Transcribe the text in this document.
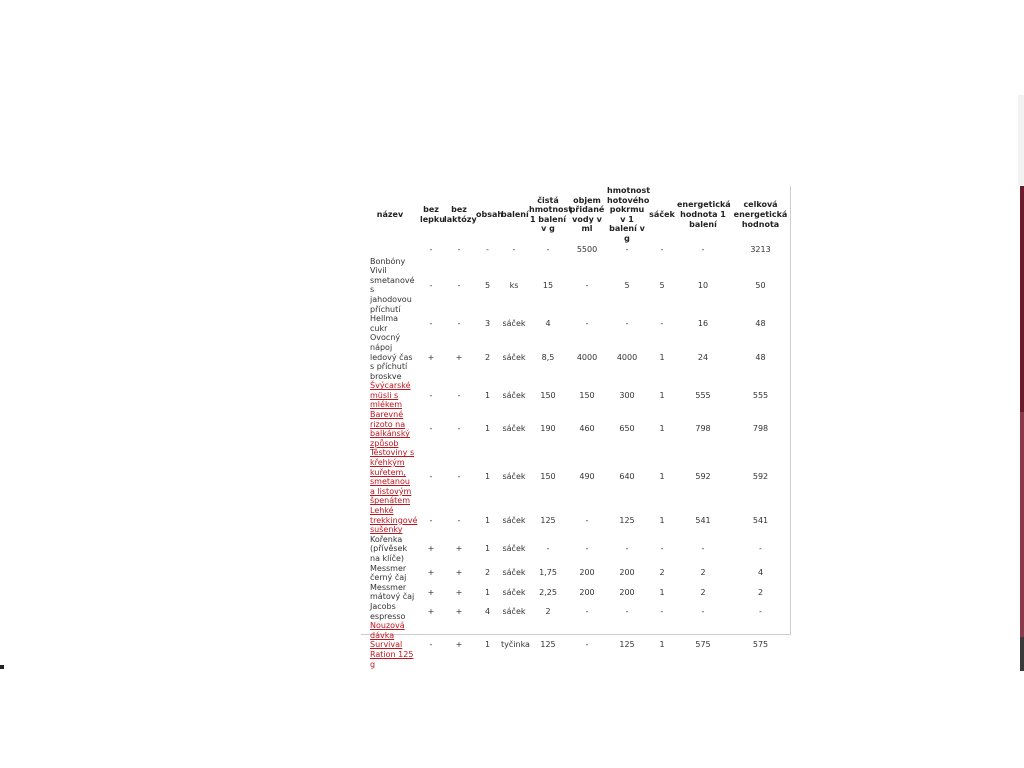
název	bez lepku	bez laktózy	obsah	balení	čistá hmotnost 1 balení v g	objem přidané vody v ml	hmotnost hotového pokrmu v 1 balení v g	sáček	energetická hodnota 1 balení	celková energetická hodnota
	-	-	-	-	-	5500	-	-	-	3213
Bonbóny Vivil smetanové s jahodovou příchutí	-	-	5	ks	15	-	5	5	10	50
Hellma cukr	-	-	3	sáček	4	-	-	-	16	48
Ovocný nápoj ledový čas s příchutí broskve	+	+	2	sáček	8,5	4000	4000	1	24	48
Švýcarské müsli s mlékem	-	-	1	sáček	150	150	300	1	555	555
Barevné rizoto na balkánský způsob	-	-	1	sáček	190	460	650	1	798	798
Těstoviny s křehkým kuřetem, smetanou a listovým špenátem	-	-	1	sáček	150	490	640	1	592	592
Lehké trekkingové sušenky	-	-	1	sáček	125	-	125	1	541	541
Kořenka (přívěsek na klíče)	+	+	1	sáček	-	-	-	-	-	-
Messmer černý čaj	+	+	2	sáček	1,75	200	200	2	2	4
Messmer mátový čaj	+	+	1	sáček	2,25	200	200	1	2	2
Jacobs espresso	+	+	4	sáček	2	-	-	-	-	-
Nouzová dávka Survival Ration 125 g	-	+	1	tyčinka	125	-	125	1	575	575
